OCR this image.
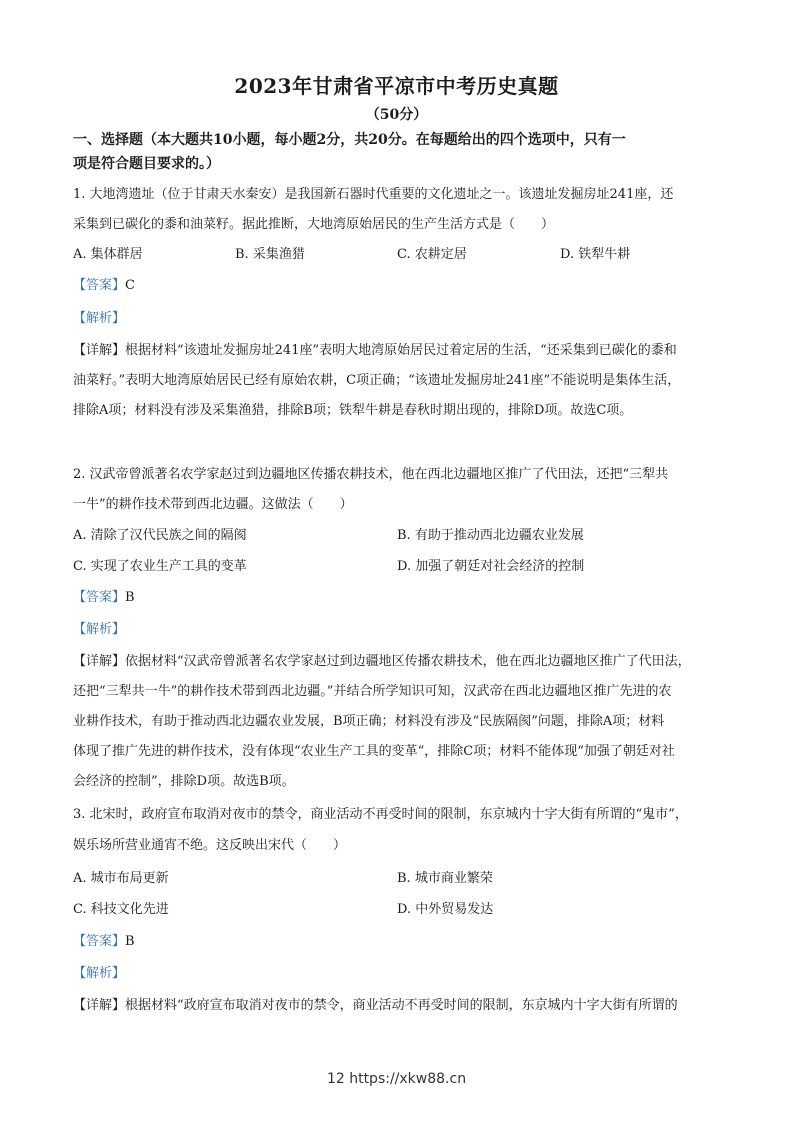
2023年甘肃省平凉市中考历史真题
（50分）
一、选择题（本大题共10小题，每小题2分，共20分。在每题给出的四个选项中，只有一
项是符合题目要求的。）
1. 大地湾遗址（位于甘肃天水秦安）是我国新石器时代重要的文化遗址之一。该遗址发掘房址241座，还
采集到已碳化的黍和油菜籽。据此推断，大地湾原始居民的生产生活方式是（　　）
A. 集体群居	B. 采集渔猎	C. 农耕定居	D. 铁犁牛耕
【答案】C
【解析】
【详解】根据材料“该遗址发掘房址241座”表明大地湾原始居民过着定居的生活，“还采集到已碳化的黍和
油菜籽。”表明大地湾原始居民已经有原始农耕，C项正确；“该遗址发掘房址241座”不能说明是集体生活，
排除A项；材料没有涉及采集渔猎，排除B项；铁犁牛耕是春秋时期出现的，排除D项。故选C项。
2. 汉武帝曾派著名农学家赵过到边疆地区传播农耕技术，他在西北边疆地区推广了代田法，还把“三犁共
一牛”的耕作技术带到西北边疆。这做法（　　）
A. 清除了汉代民族之间的隔阂	B. 有助于推动西北边疆农业发展
C. 实现了农业生产工具的变革	D. 加强了朝廷对社会经济的控制
【答案】B
【解析】
【详解】依据材料“汉武帝曾派著名农学家赵过到边疆地区传播农耕技术，他在西北边疆地区推广了代田法，
还把“三犁共一牛”的耕作技术带到西北边疆。”并结合所学知识可知，汉武帝在西北边疆地区推广先进的农
业耕作技术，有助于推动西北边疆农业发展，B项正确；材料没有涉及“民族隔阂”问题，排除A项；材料
体现了推广先进的耕作技术，没有体现“农业生产工具的变革“，排除C项；材料不能体现“加强了朝廷对社
会经济的控制”，排除D项。故选B项。
3. 北宋时，政府宣布取消对夜市的禁令，商业活动不再受时间的限制，东京城内十字大街有所谓的“鬼市”，
娱乐场所营业通宵不绝。这反映出宋代（　　）
A. 城市布局更新	B. 城市商业繁荣
C. 科技文化先进	D. 中外贸易发达
【答案】B
【解析】
【详解】根据材料“政府宣布取消对夜市的禁令，商业活动不再受时间的限制，东京城内十字大街有所谓的
12 https://xkw88.cn
